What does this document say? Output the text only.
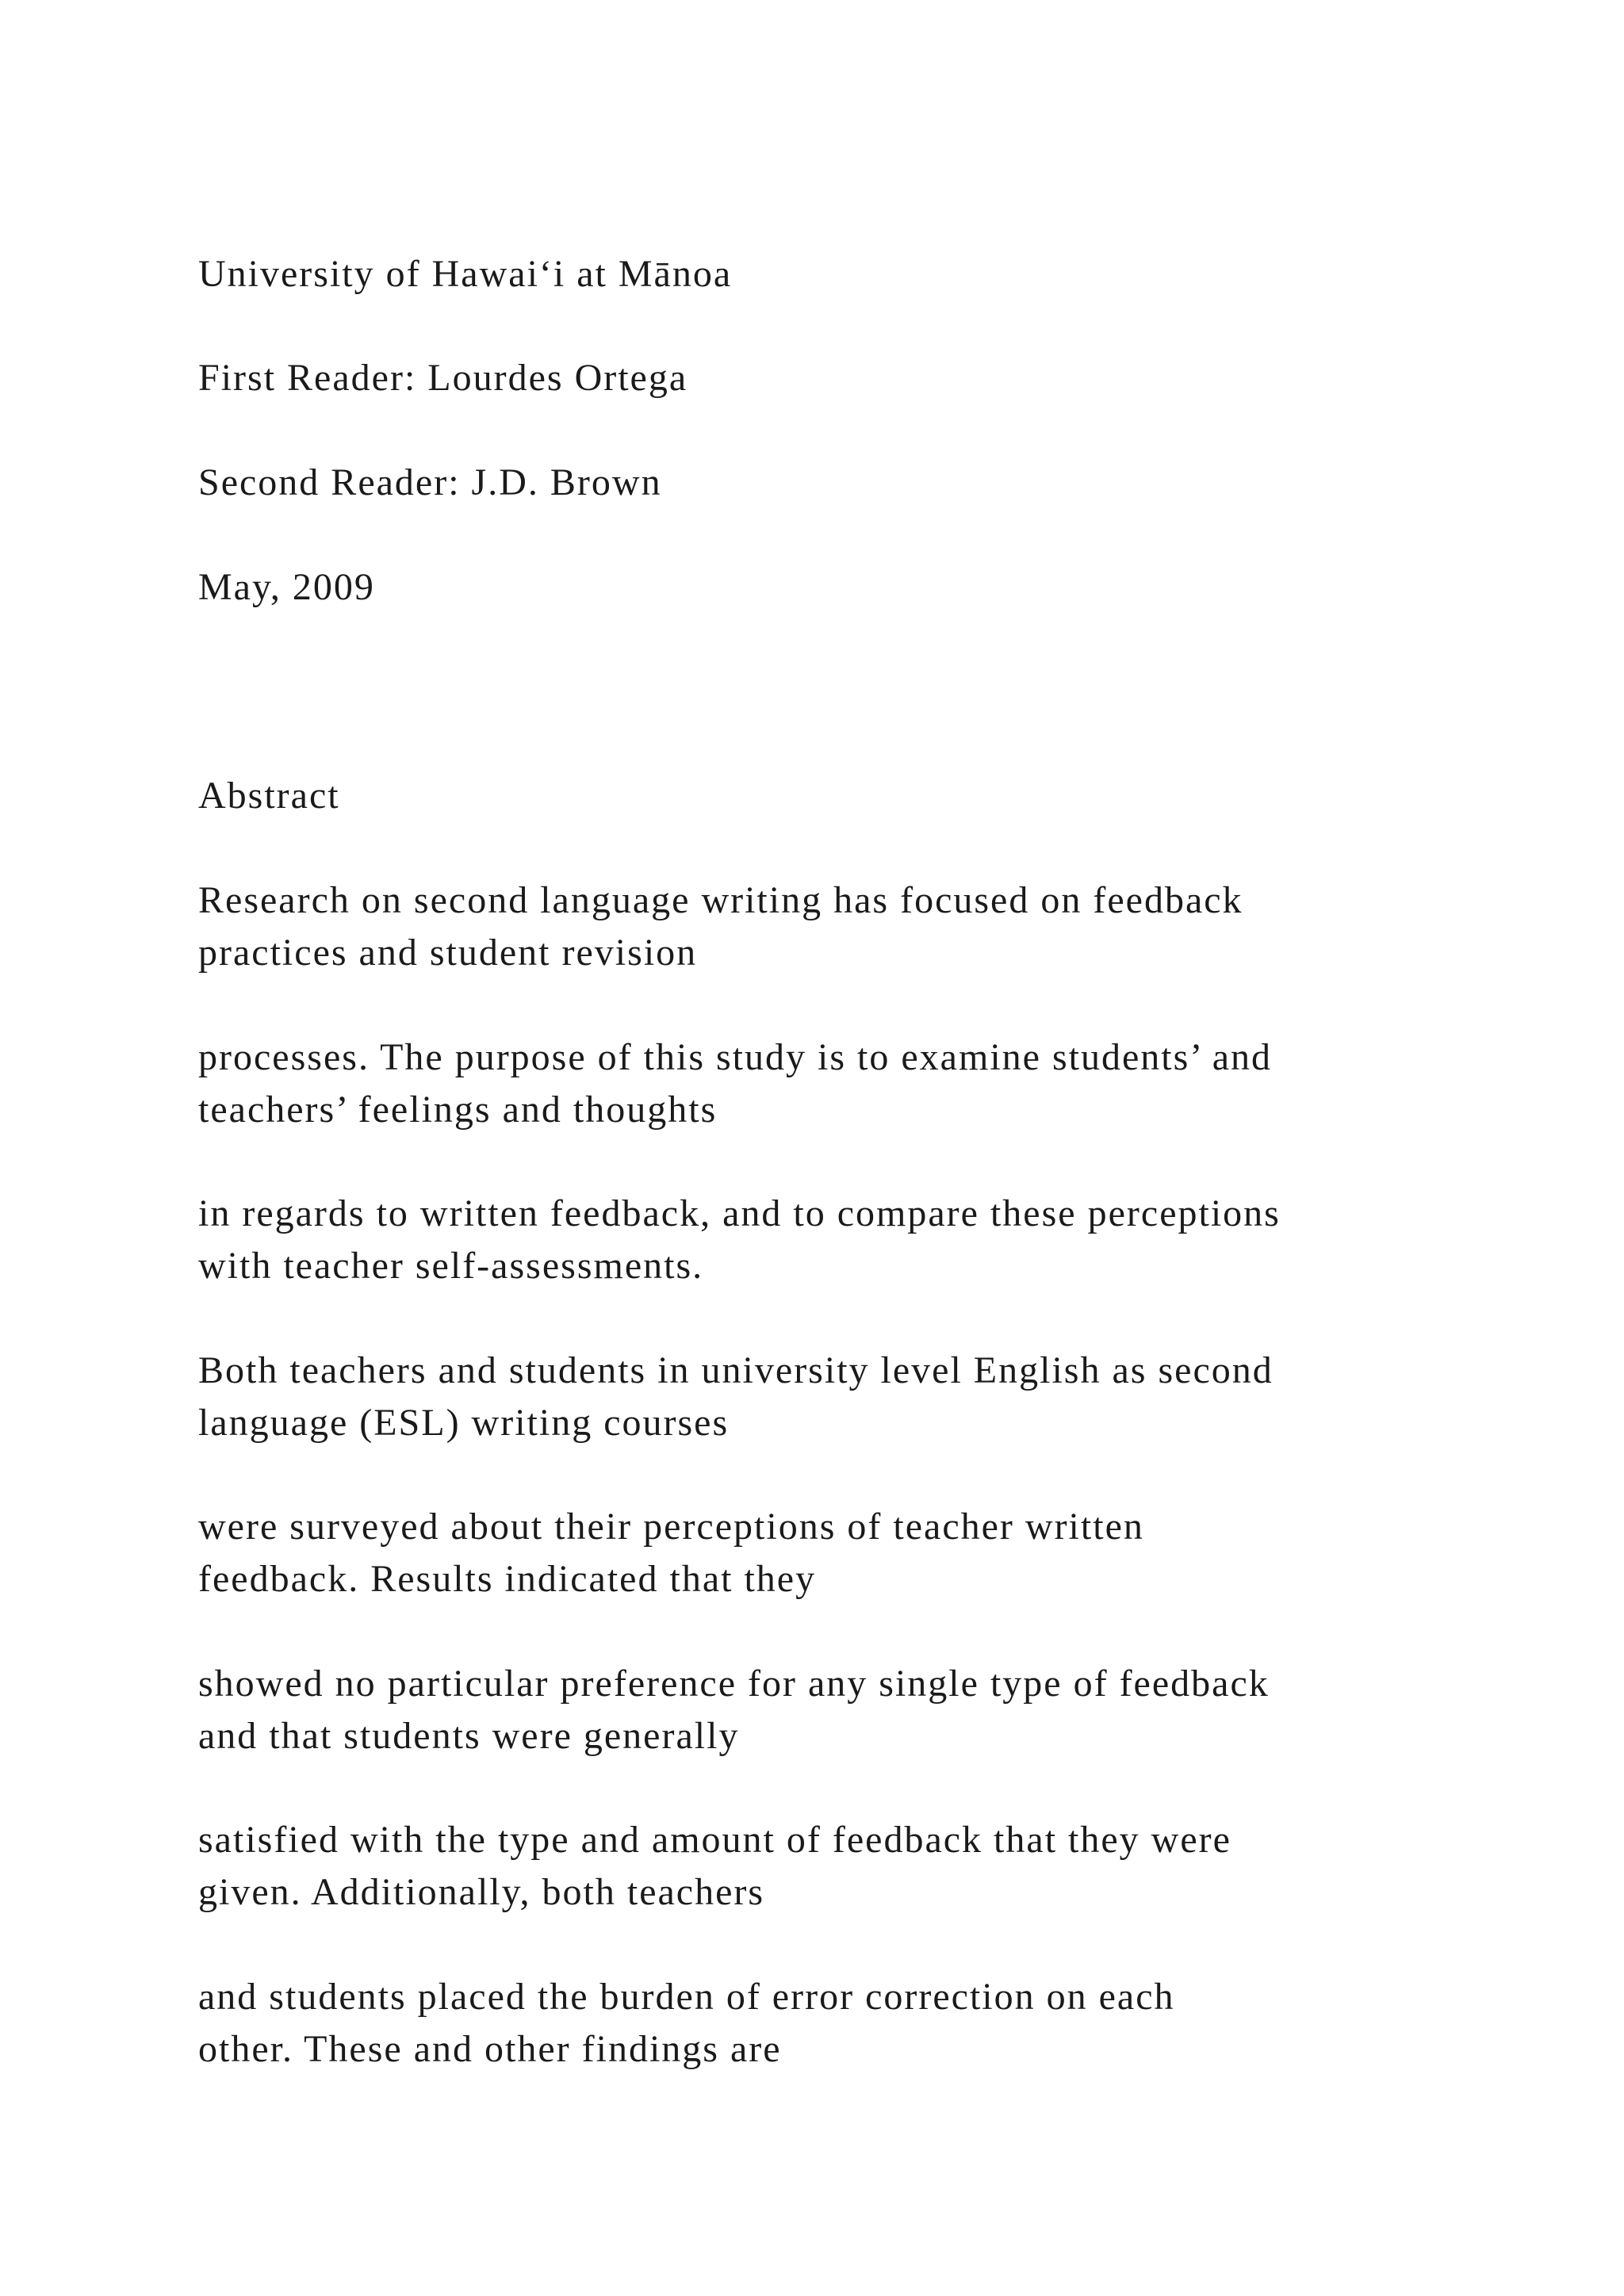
University of Hawai‘i at Mānoa
First Reader: Lourdes Ortega
Second Reader: J.D. Brown
May, 2009
Abstract
Research on second language writing has focused on feedback
practices and student revision
processes. The purpose of this study is to examine students’ and
teachers’ feelings and thoughts
in regards to written feedback, and to compare these perceptions
with teacher self-assessments.
Both teachers and students in university level English as second
language (ESL) writing courses
were surveyed about their perceptions of teacher written
feedback. Results indicated that they
showed no particular preference for any single type of feedback
and that students were generally
satisfied with the type and amount of feedback that they were
given. Additionally, both teachers
and students placed the burden of error correction on each
other. These and other findings are
